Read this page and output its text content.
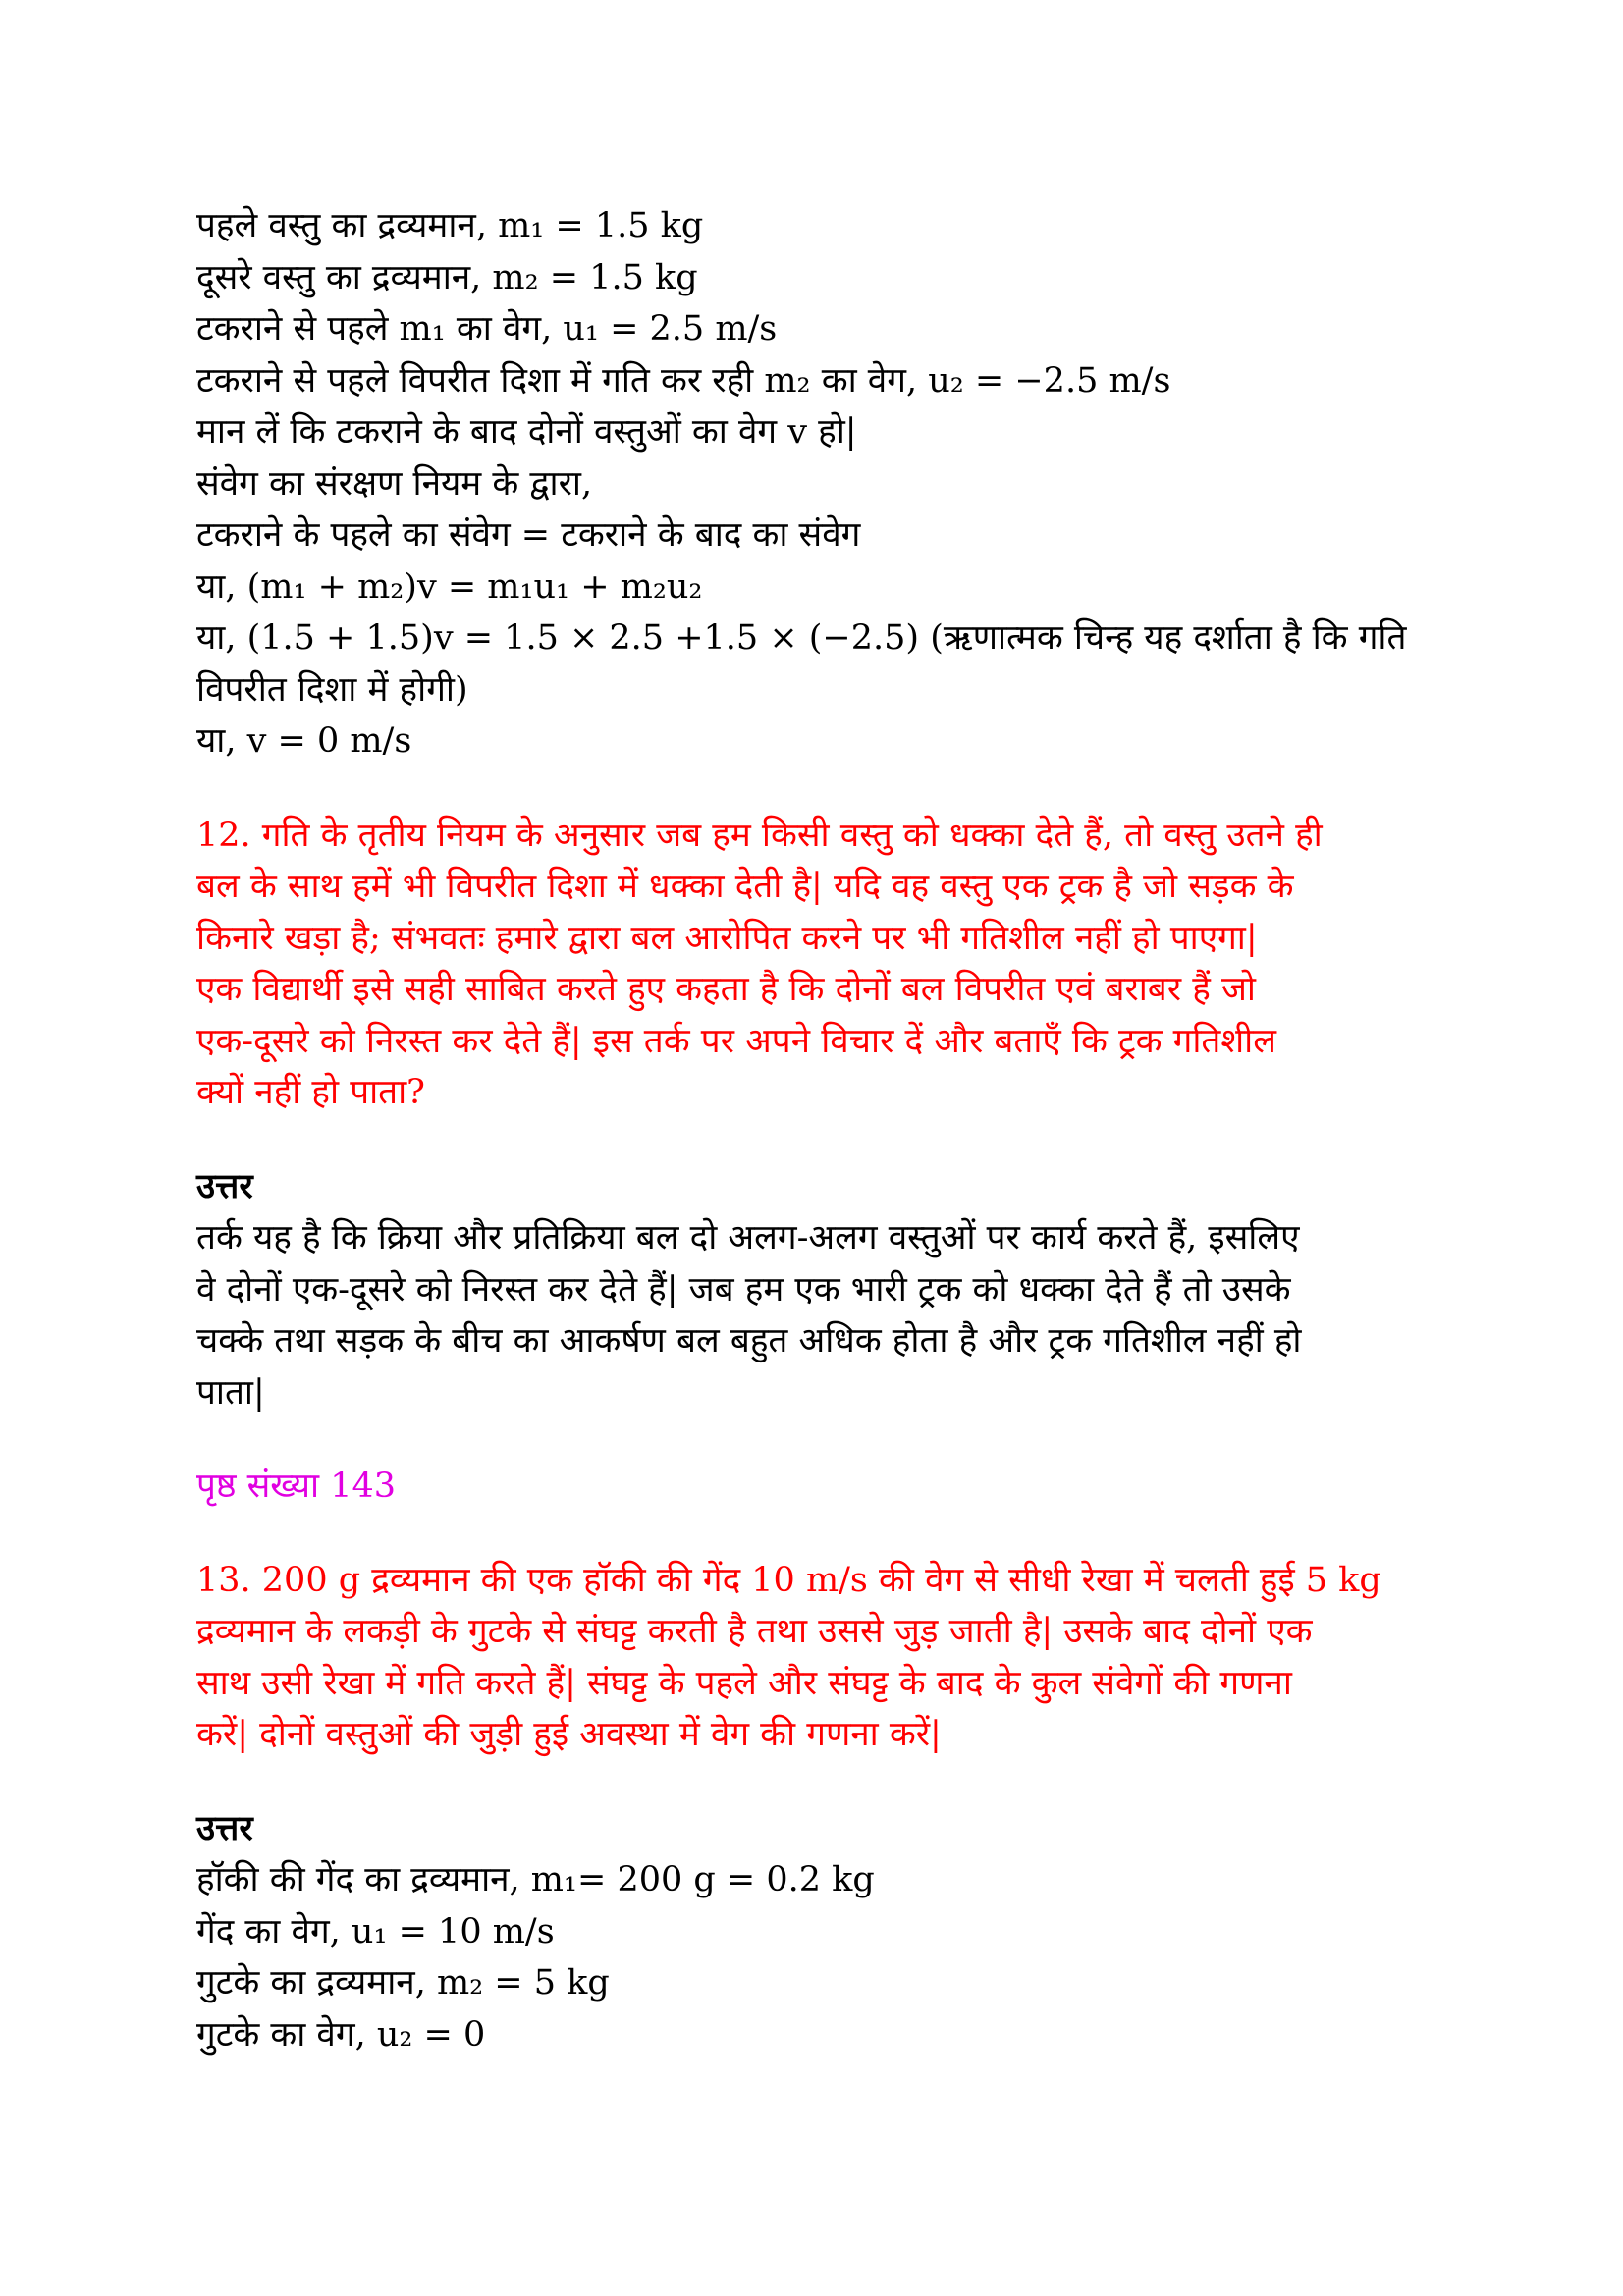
पहले वस्तु का द्रव्यमान, m₁ = 1.5 kg
दूसरे वस्तु का द्रव्यमान, m₂ = 1.5 kg
टकराने से पहले m₁ का वेग, u₁ = 2.5 m/s
टकराने से पहले विपरीत दिशा में गति कर रही m₂ का वेग, u₂ = −2.5 m/s
मान लें कि टकराने के बाद दोनों वस्तुओं का वेग v हो|
संवेग का संरक्षण नियम के द्वारा,
टकराने के पहले का संवेग = टकराने के बाद का संवेग
या, (m₁ + m₂)v = m₁u₁ + m₂u₂
या, (1.5 + 1.5)v = 1.5 × 2.5 +1.5 × (−2.5) (ऋणात्मक चिन्ह यह दर्शाता है कि गति
विपरीत दिशा में होगी)
या, v = 0 m/s
12. गति के तृतीय नियम के अनुसार जब हम किसी वस्तु को धक्का देते हैं, तो वस्तु उतने ही
बल के साथ हमें भी विपरीत दिशा में धक्का देती है| यदि वह वस्तु एक ट्रक है जो सड़क के
किनारे खड़ा है; संभवतः हमारे द्वारा बल आरोपित करने पर भी गतिशील नहीं हो पाएगा|
एक विद्यार्थी इसे सही साबित करते हुए कहता है कि दोनों बल विपरीत एवं बराबर हैं जो
एक-दूसरे को निरस्त कर देते हैं| इस तर्क पर अपने विचार दें और बताएँ कि ट्रक गतिशील
क्यों नहीं हो पाता?
उत्तर
तर्क यह है कि क्रिया और प्रतिक्रिया बल दो अलग-अलग वस्तुओं पर कार्य करते हैं, इसलिए
वे दोनों एक-दूसरे को निरस्त कर देते हैं| जब हम एक भारी ट्रक को धक्का देते हैं तो उसके
चक्के तथा सड़क के बीच का आकर्षण बल बहुत अधिक होता है और ट्रक गतिशील नहीं हो
पाता|
पृष्ठ संख्या 143
13. 200 g द्रव्यमान की एक हॉकी की गेंद 10 m/s की वेग से सीधी रेखा में चलती हुई 5 kg
द्रव्यमान के लकड़ी के गुटके से संघट्ट करती है तथा उससे जुड़ जाती है| उसके बाद दोनों एक
साथ उसी रेखा में गति करते हैं| संघट्ट के पहले और संघट्ट के बाद के कुल संवेगों की गणना
करें| दोनों वस्तुओं की जुड़ी हुई अवस्था में वेग की गणना करें|
उत्तर
हॉकी की गेंद का द्रव्यमान, m₁= 200 g = 0.2 kg
गेंद का वेग, u₁ = 10 m/s
गुटके का द्रव्यमान, m₂ = 5 kg
गुटके का वेग, u₂ = 0
